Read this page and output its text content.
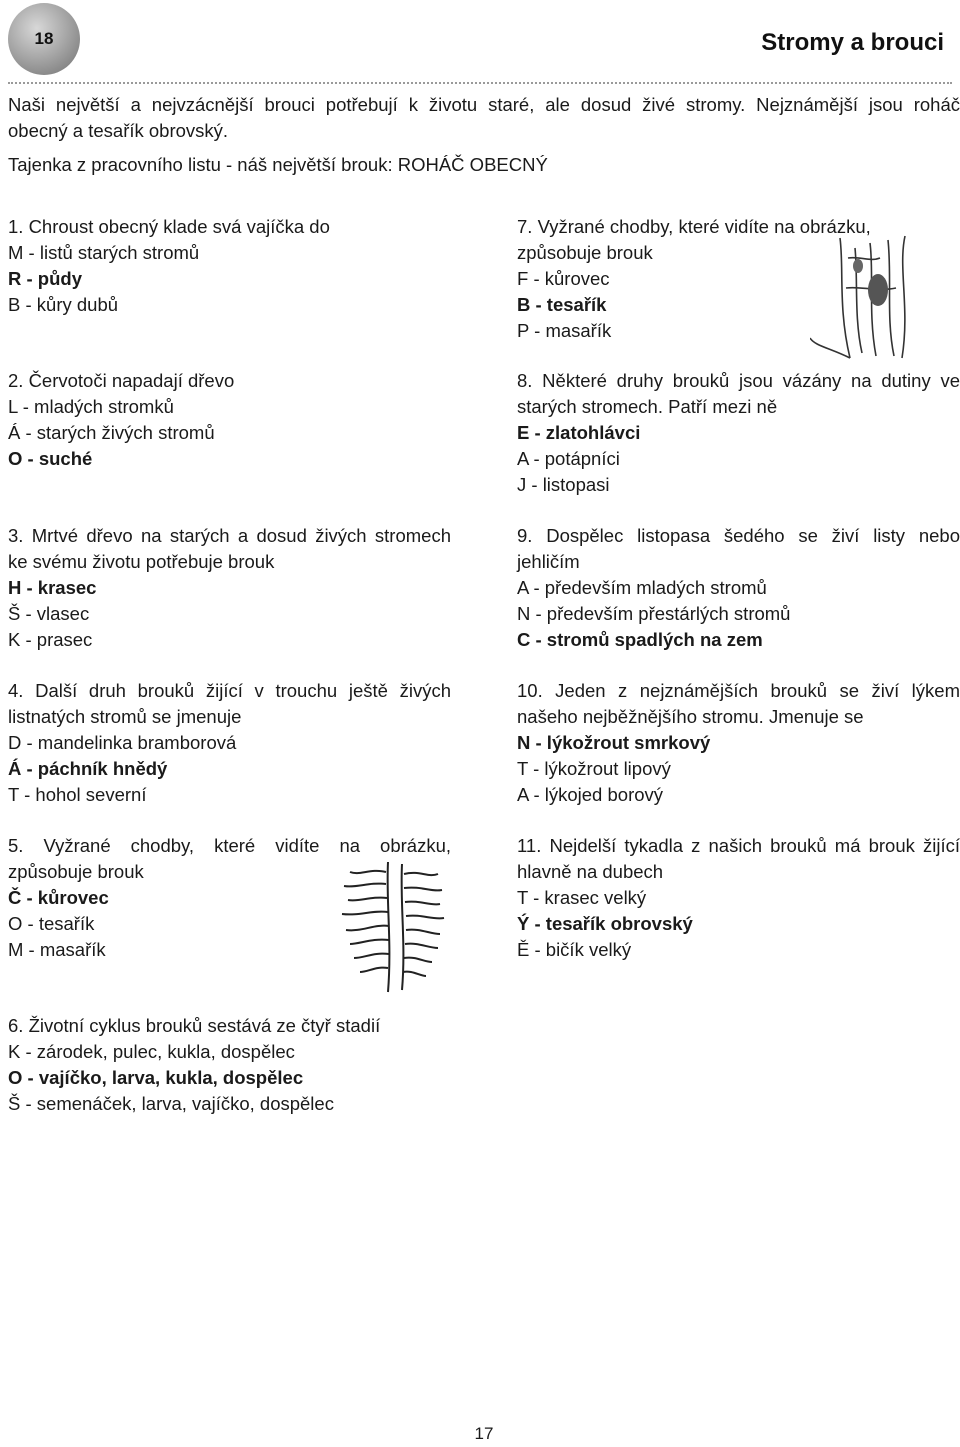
18	Stromy a brouci

Naši největší a nejvzácnější brouci potřebují k životu staré, ale dosud živé stromy. Nejznámější jsou roháč

obecný a tesařík obrovský.

Tajenka z pracovního listu - náš největší brouk: ROHÁČ OBECNÝ

1. Chroust obecný klade svá vajíčka do

M - listů starých stromů

R - půdy

B - kůry dubů

2. Červotoči napadají dřevo

L - mladých stromků

Á - starých živých stromů

O - suché

3. Mrtvé dřevo na starých a dosud živých stromech

ke svému životu potřebuje brouk

H - krasec

Š - vlasec

K - prasec

4. Další druh brouků žijící v trouchu ještě živých

listnatých stromů se jmenuje

D - mandelinka bramborová

Á - páchník hnědý

T - hohol severní

5. Vyžrané chodby, které vidíte na obrázku,

způsobuje brouk

Č - kůrovec

O - tesařík

M - masařík

6. Životní cyklus brouků sestává ze čtyř stadií

K - zárodek, pulec, kukla, dospělec

O - vajíčko, larva, kukla, dospělec

Š - semenáček, larva, vajíčko, dospělec

7. Vyžrané chodby, které vidíte na obrázku,

způsobuje brouk

F - kůrovec

B - tesařík

P - masařík

8. Některé druhy brouků jsou vázány na dutiny ve

starých stromech. Patří mezi ně

E - zlatohlávci

A - potápníci

J - listopasi

9. Dospělec listopasa šedého se živí listy nebo

jehličím

A - především mladých stromů

N - především přestárlých stromů

C - stromů spadlých na zem

10. Jeden z nejznámějších brouků se živí lýkem

našeho nejběžnějšího stromu. Jmenuje se

N - lýkožrout smrkový

T - lýkožrout lipový

A - lýkojed borový

11. Nejdelší tykadla z našich brouků má brouk žijící

hlavně na dubech

T - krasec velký

Ý - tesařík obrovský

Ě - bičík velký

17
